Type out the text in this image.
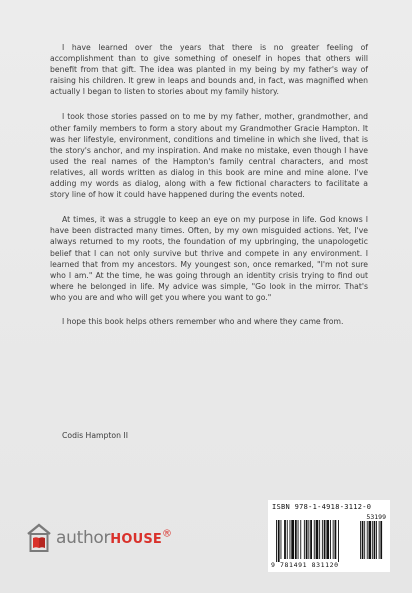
I have learned over the years that there is no greater feeling of accomplishment than to give something of oneself in hopes that others will benefit from that gift. The idea was planted in my being by my father's way of raising his children. It grew in leaps and bounds and, in fact, was magnified when actually I began to listen to stories about my family history.

I took those stories passed on to me by my father, mother, grandmother, and other family members to form a story about my Grandmother Gracie Hampton. It was her lifestyle, environment, conditions and timeline in which she lived, that is the story's anchor, and my inspiration. And make no mistake, even though I have used the real names of the Hampton's family central characters, and most relatives, all words written as dialog in this book are mine and mine alone. I've adding my words as dialog, along with a few fictional characters to facilitate a story line of how it could have happened during the events noted.

At times, it was a struggle to keep an eye on my purpose in life. God knows I have been distracted many times. Often, by my own misguided actions. Yet, I've always returned to my roots, the foundation of my upbringing, the unapologetic belief that I can not only survive but thrive and compete in any environment. I learned that from my ancestors. My youngest son, once remarked, "I'm not sure who I am." At the time, he was going through an identity crisis trying to find out where he belonged in life. My advice was simple, "Go look in the mirror. That's who you are and who will get you where you want to go."

I hope this book helps others remember who and where they came from.

Codis Hampton II
authorHOUSE®
ISBN 978-1-4918-3112-0
53199
9 781491 831120
